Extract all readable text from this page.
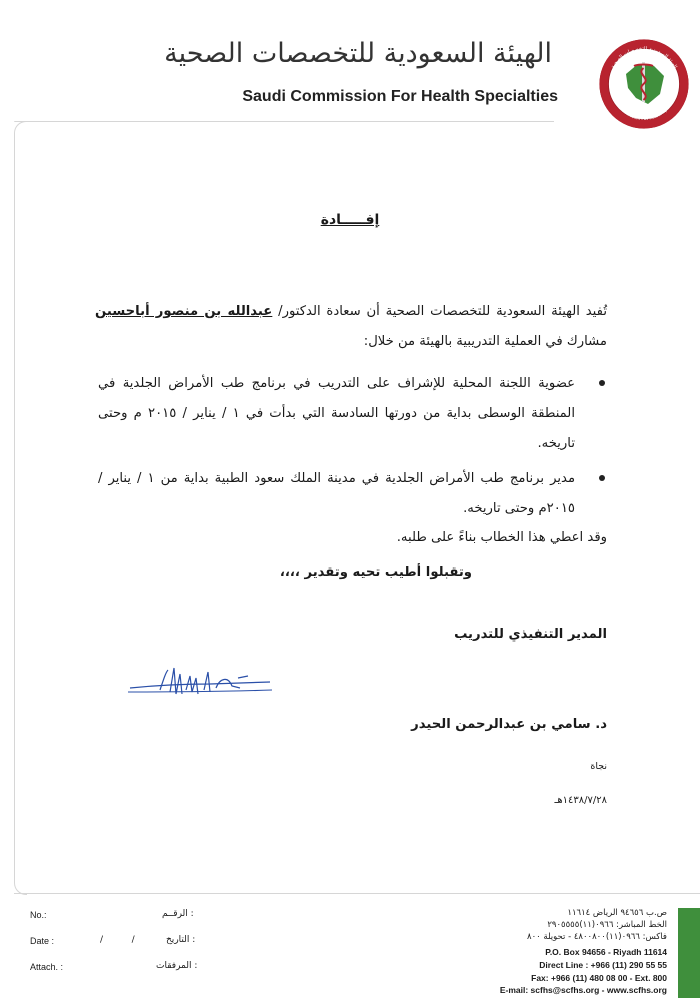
الهيئة السعودية للتخصصات الصحية
Saudi Commission For Health Specialties
الهيئة السعودية للتخصصات الصحية
Saudi Commission For Health Specialties
إفـــــادة
تُفيد الهيئة السعودية للتخصصات الصحية أن سعادة الدكتور/ عبدالله بن منصور أباحسين مشارك في العملية التدريبية بالهيئة من خلال:
عضوية اللجنة المحلية للإشراف على التدريب في برنامج طب الأمراض الجلدية في المنطقة الوسطى بداية من دورتها السادسة التي بدأت في ١ / يناير / ٢٠١٥ م وحتى تاريخه.
مدير برنامج طب الأمراض الجلدية في مدينة الملك سعود الطبية بداية من ١ / يناير / ٢٠١٥م وحتى تاريخه.
وقد اعطي هذا الخطاب بناءً على طلبه.
وتقبلوا أطيب تحيه وتقدير ،،،،
المدير التنفيذي للتدريب
د. سامي بن عبدالرحمن الحيدر
نجاة
١٤٣٨/٧/٢٨هـ
No.:	: الرقــم
Date :	/          /	: التاريخ
Attach. :	: المرفقات
ص.ب ٩٤٦٥٦ الرياض ١١٦١٤
الخط المباشر: ٠٩٦٦(١١)٢٩٠٥٥٥٥
فاكس: ٠٩٦٦(١١)٤٨٠٠٨٠٠ - تحويلة ٨٠٠
P.O. Box 94656 - Riyadh 11614
Direct Line : +966 (11) 290 55 55
Fax: +966 (11) 480 08 00 - Ext. 800
E-mail: scfhs@scfhs.org - www.scfhs.org
